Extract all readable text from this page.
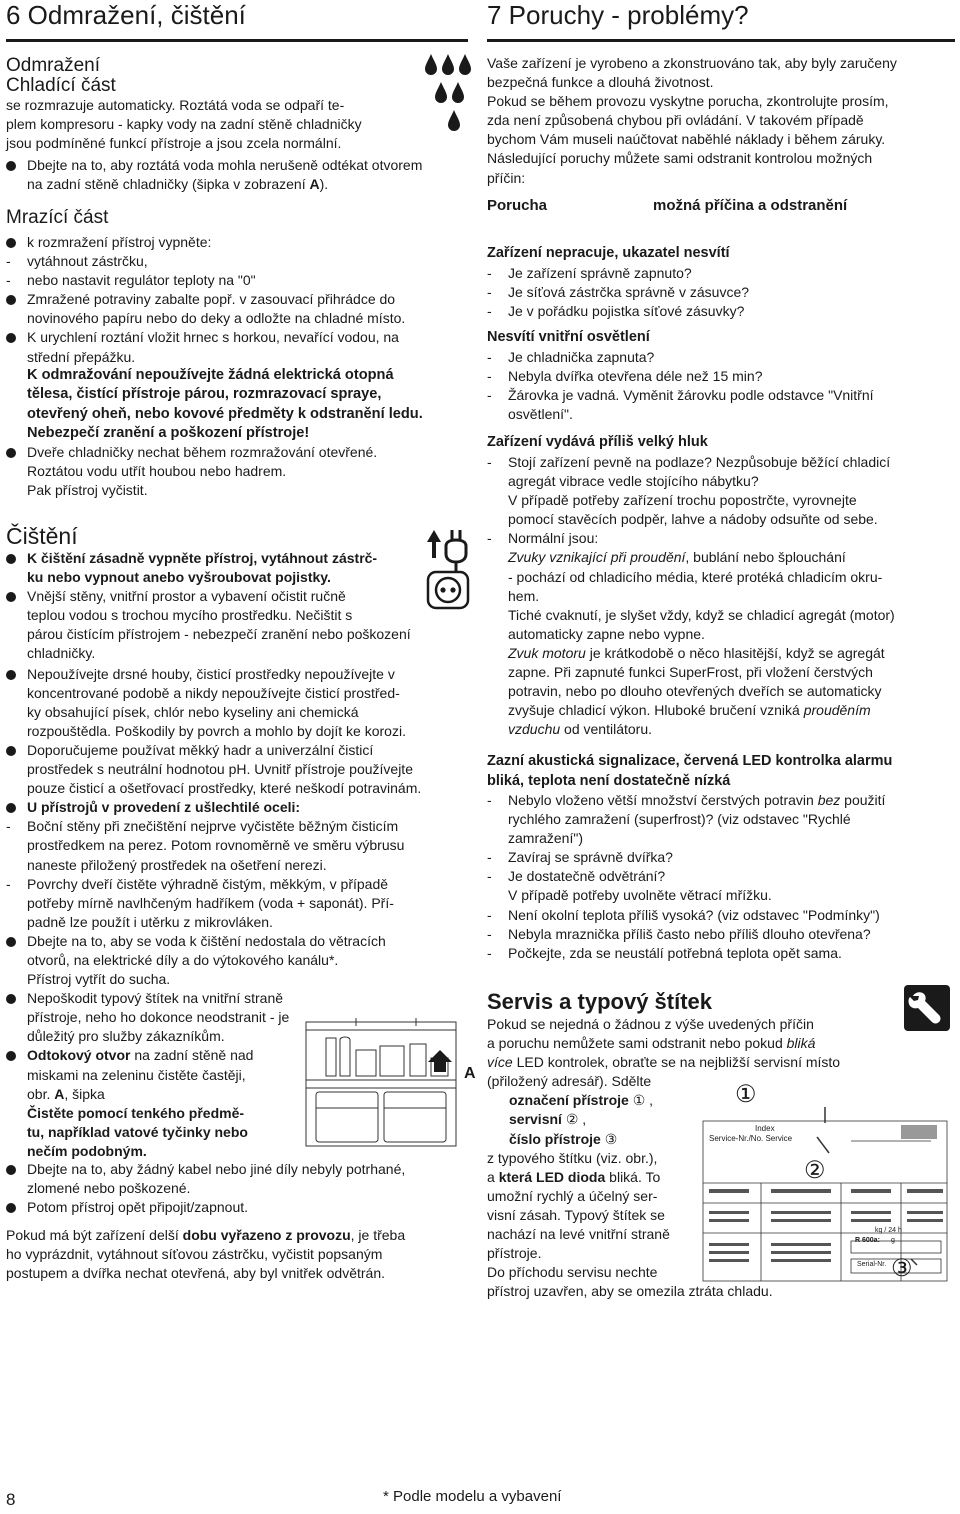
6 Odmražení, čištění
Odmražení
Chladící část

se rozmrazuje automaticky. Roztátá voda se odpaří te-

plem kompresoru - kapky vody na zadní stěně chladničky

jsou podmíněné funkcí přístroje a jsou zcela normální.

Dbejte na to, aby roztátá voda mohla nerušeně odtékat otvorem
na zadní stěně chladničky (šipka v zobrazení A).
Mrazící část
k rozmražení přístroj vypněte:
- vytáhnout zástrčku,
- nebo nastavit regulátor teploty na "0"
Zmražené potraviny zabalte popř. v zasouvací přihrádce do
novinového papíru nebo do deky a odložte na chladné místo.
K urychlení roztání vložit hrnec s horkou, nevařící vodou, na
střední přepážku.
K odmražování nepoužívejte žádná elektrická otopná
tělesa, čistící přístroje párou, rozmrazovací spraye,
otevřený oheň, nebo kovové předměty k odstranění ledu.
Nebezpečí zranění a poškození přístroje!
Dveře chladničky nechat během rozmražování otevřené.
Roztátou vodu utřít houbou nebo hadrem.
Pak přístroj vyčistit.
Čištění
K čištění zásadně vypněte přístroj, vytáhnout zástrč-
ku nebo vypnout anebo vyšroubovat pojistky.
Vnější stěny, vnitřní prostor a vybavení očistit ručně
teplou vodou s trochou mycího prostředku. Nečištit s
párou čistícím přístrojem - nebezpečí zranění nebo poškození
chladničky.
Nepoužívejte drsné houby, čisticí prostředky nepoužívejte v
koncentrované podobě a nikdy nepoužívejte čisticí prostřed-
ky obsahující písek, chlór nebo kyseliny ani chemická
rozpouštědla. Poškodily by povrch a mohlo by dojít ke korozi.
Doporučujeme používat měkký hadr a univerzální čisticí
prostředek s neutrální hodnotou pH. Uvnitř přístroje používejte
pouze čisticí a ošetřovací prostředky, které neškodí potravinám.
U přístrojů v provedení z ušlechtilé oceli:
- Boční stěny při znečištění nejprve vyčistěte běžným čisticím
prostředkem na perez. Potom rovnoměrně ve směru výbrusu
naneste přiložený prostředek na ošetření nerezi.
- Povrchy dveří čistěte výhradně čistým, měkkým, v případě
potřeby mírně navlhčeným hadříkem (voda + saponát). Pří-
padně lze použít i utěrku z mikrovláken.
Dbejte na to, aby se voda k čištění nedostala do větracích
otvorů, na elektrické díly a do výtokového kanálu*.
Přístroj vytřít do sucha.
Nepoškodit typový štítek na vnitřní straně
přístroje, neho ho dokonce neodstranit - je
důležitý pro služby zákazníkům.
Odtokový otvor na zadní stěně nad
miskami na zeleninu čistěte častěji,
obr. A, šipka
Čistěte pomocí tenkého předmě-
tu, například vatové tyčinky nebo
nečím podobným.
Dbejte na to, aby žádný kabel nebo jiné díly nebyly potrhané,
zlomené nebo poškozené.
Potom přístroj opět připojit/zapnout.
Pokud má být zařízení delší dobu vyřazeno z provozu, je třeba
ho vyprázdnit, vytáhnout síťovou zástrčku, vyčistit popsaným
postupem a dvířka nechat otevřená, aby byl vnitřek odvětrán.
8
A
7 Poruchy - problémy?
Vaše zařízení je vyrobeno a zkonstruováno tak, aby byly zaručeny
bezpečná funkce a dlouhá životnost.
Pokud se během provozu vyskytne porucha, zkontrolujte prosím,
zda není způsobená chybou při ovládání. V takovém případě
bychom Vám museli naúčtovat naběhlé náklady i během záruky.
Následující poruchy můžete sami odstranit kontrolou možných
příčin:
Porucha	možná příčina a odstranění
Zařízení nepracuje, ukazatel nesvítí
- Je zařízení správně zapnuto?
- Je síťová zástrčka správně v zásuvce?
- Je v pořádku pojistka síťové zásuvky?
Nesvítí vnitřní osvětlení
- Je chladnička zapnuta?
- Nebyla dvířka otevřena déle než 15 min?
- Žárovka je vadná. Vyměnit žárovku podle odstavce "Vnitřní
osvětlení".
Zařízení vydává příliš velký hluk
- Stojí zařízení pevně na podlaze? Nezpůsobuje běžící chladicí
agregát vibrace vedle stojícího nábytku?
V případě potřeby zařízení trochu popostrčte, vyrovnejte
pomocí stavěcích podpěr, lahve a nádoby odsuňte od sebe.
- Normální jsou:
Zvuky vznikající při proudění, bublání nebo šplouchání
- pochází od chladicího média, které protéká chladicím okru-
hem.
Tiché cvaknutí, je slyšet vždy, když se chladicí agregát (motor)
automaticky zapne nebo vypne.
Zvuk motoru je krátkodobě o něco hlasitější, když se agregát
zapne. Při zapnuté funkci SuperFrost, při vložení čerstvých
potravin, nebo po dlouho otevřených dveřích se automaticky
zvyšuje chladicí výkon. Hluboké bručení vzniká prouděním
vzduchu od ventilátoru.
Zazní akustická signalizace, červená LED kontrolka alarmu
bliká, teplota není dostatečně nízká
- Nebylo vloženo větší množství čerstvých potravin bez použití
rychlého zamražení (superfrost)? (viz odstavec "Rychlé
zamražení")
- Zavíraj se správně dvířka?
- Je dostatečně odvětrání?
V případě potřeby uvolněte větrací mřížku.
- Není okolní teplota příliš vysoká? (viz odstavec "Podmínky")
- Nebyla mraznička příliš často nebo příliš dlouho otevřena?
- Počkejte, zda se neustálí potřebná teplota opět sama.
Servis a typový štítek
Pokud se nejedná o žádnou z výše uvedených příčin
a poruchu nemůžete sami odstranit nebo pokud bliká
více LED kontrolek, obraťte se na nejbližší servisní místo
(přiložený adresář). Sdělte
označení přístroje ① ,
servisní ② ,
číslo přístroje ③
z typového štítku (viz. obr.),
a která LED dioda bliká. To
umožní rychlý a účelný ser-
visní zásah. Typový štítek se
nachází na levé vnitřní straně
přístroje.
Do příchodu servisu nechte
přístroj uzavřen, aby se omezila ztráta chladu.
①
②
③
Index
Service-Nr./No. Service
R 600a: g
kg / 24 h
Serial-Nr.
* Podle modelu a vybavení
